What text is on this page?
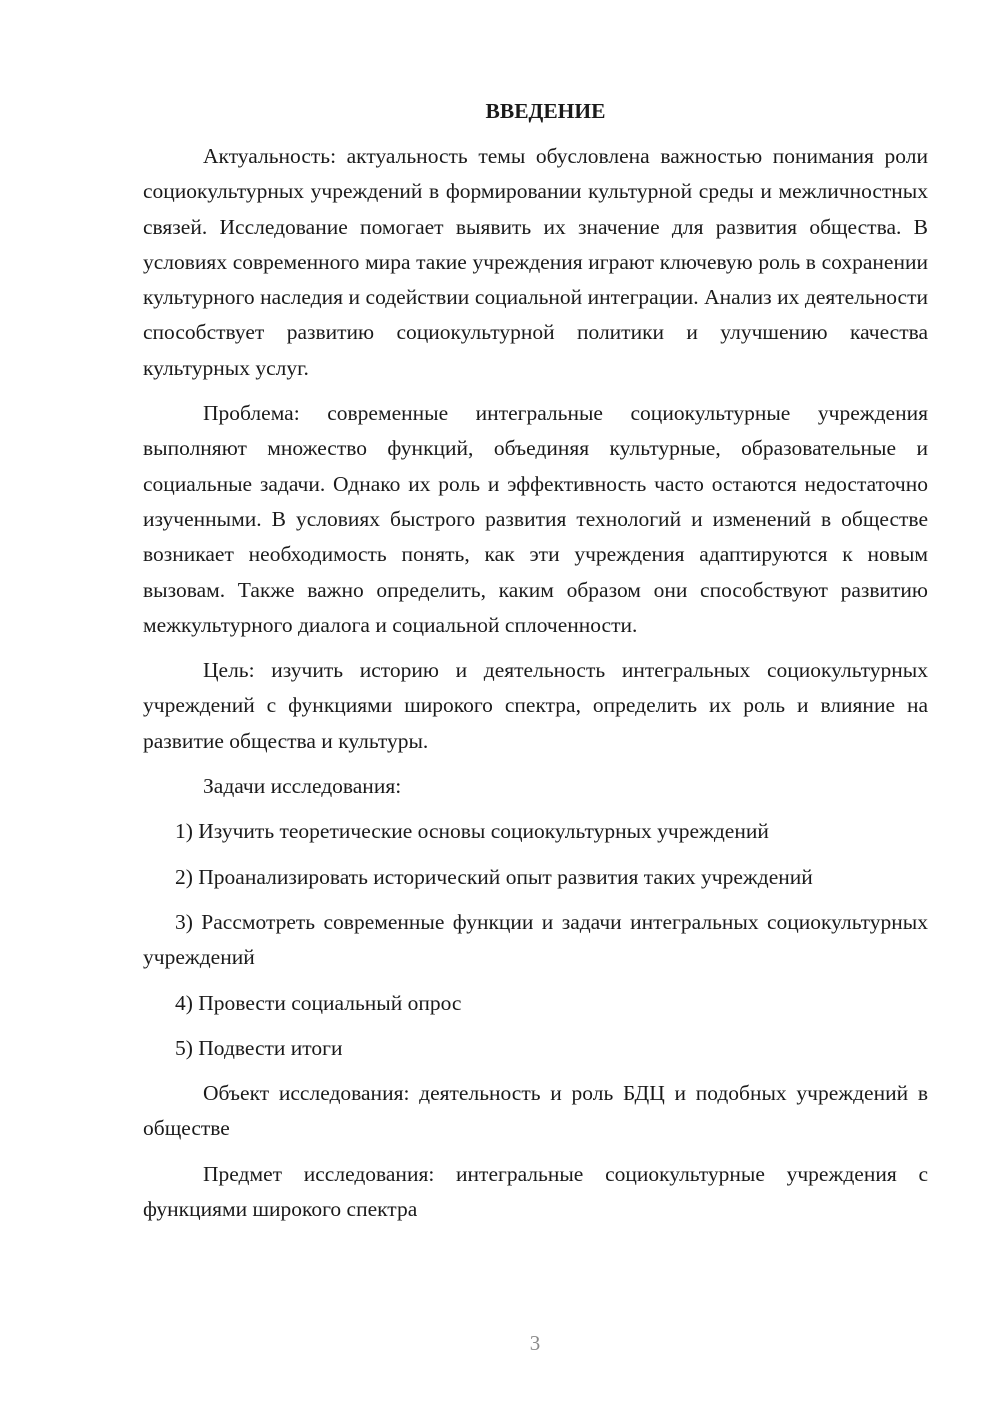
ВВЕДЕНИЕ

Актуальность: актуальность темы обусловлена важностью понимания роли социокультурных учреждений в формировании культурной среды и межличностных связей. Исследование помогает выявить их значение для развития общества. В условиях современного мира такие учреждения играют ключевую роль в сохранении культурного наследия и содействии социальной интеграции. Анализ их деятельности способствует развитию социокультурной политики и улучшению качества культурных услуг.

Проблема: современные интегральные социокультурные учреждения выполняют множество функций, объединяя культурные, образовательные и социальные задачи. Однако их роль и эффективность часто остаются недостаточно изученными. В условиях быстрого развития технологий и изменений в обществе возникает необходимость понять, как эти учреждения адаптируются к новым вызовам. Также важно определить, каким образом они способствуют развитию межкультурного диалога и социальной сплоченности.

Цель: изучить историю и деятельность интегральных социокультурных учреждений с функциями широкого спектра, определить их роль и влияние на развитие общества и культуры.

Задачи исследования:

1) Изучить теоретические основы социокультурных учреждений

2) Проанализировать исторический опыт развития таких учреждений

3) Рассмотреть современные функции и задачи интегральных социокультурных учреждений

4) Провести социальный опрос

5) Подвести итоги

Объект исследования: деятельность и роль БДЦ и подобных учреждений в обществе

Предмет исследования: интегральные социокультурные учреждения с функциями широкого спектра

3
